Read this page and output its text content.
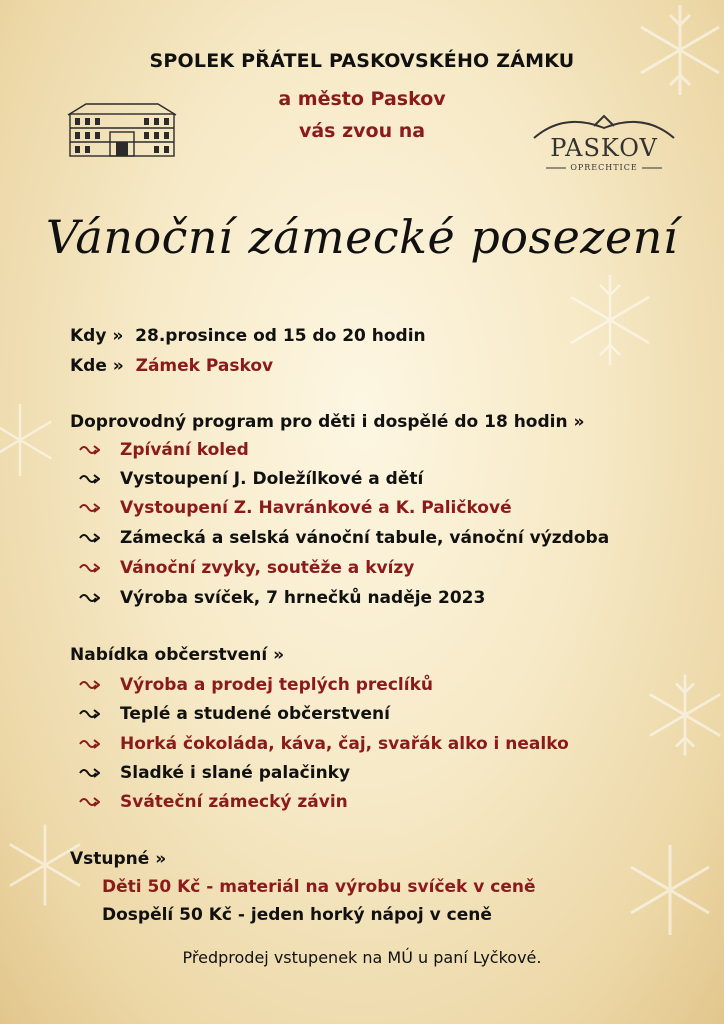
SPOLEK PŘÁTEL PASKOVSKÉHO ZÁMKU
a město Paskov
vás zvou na
PASKOV
OPRECHTICE
Vánoční zámecké posezení
Kdy » 28.prosince od 15 do 20 hodin
Kde » Zámek Paskov
Doprovodný program pro děti i dospělé do 18 hodin »
Zpívání koled
Vystoupení J. Doležílkové a dětí
Vystoupení Z. Havránkové a K. Paličkové
Zámecká a selská vánoční tabule, vánoční výzdoba
Vánoční zvyky, soutěže a kvízy
Výroba svíček, 7 hrnečků naděje 2023
Nabídka občerstvení »
Výroba a prodej teplých preclíků
Teplé a studené občerstvení
Horká čokoláda, káva, čaj, svařák alko i nealko
Sladké i slané palačinky
Sváteční zámecký závin
Vstupné »
Děti 50 Kč - materiál na výrobu svíček v ceně
Dospělí 50 Kč - jeden horký nápoj v ceně
Předprodej vstupenek na MÚ u paní Lyčkové.
